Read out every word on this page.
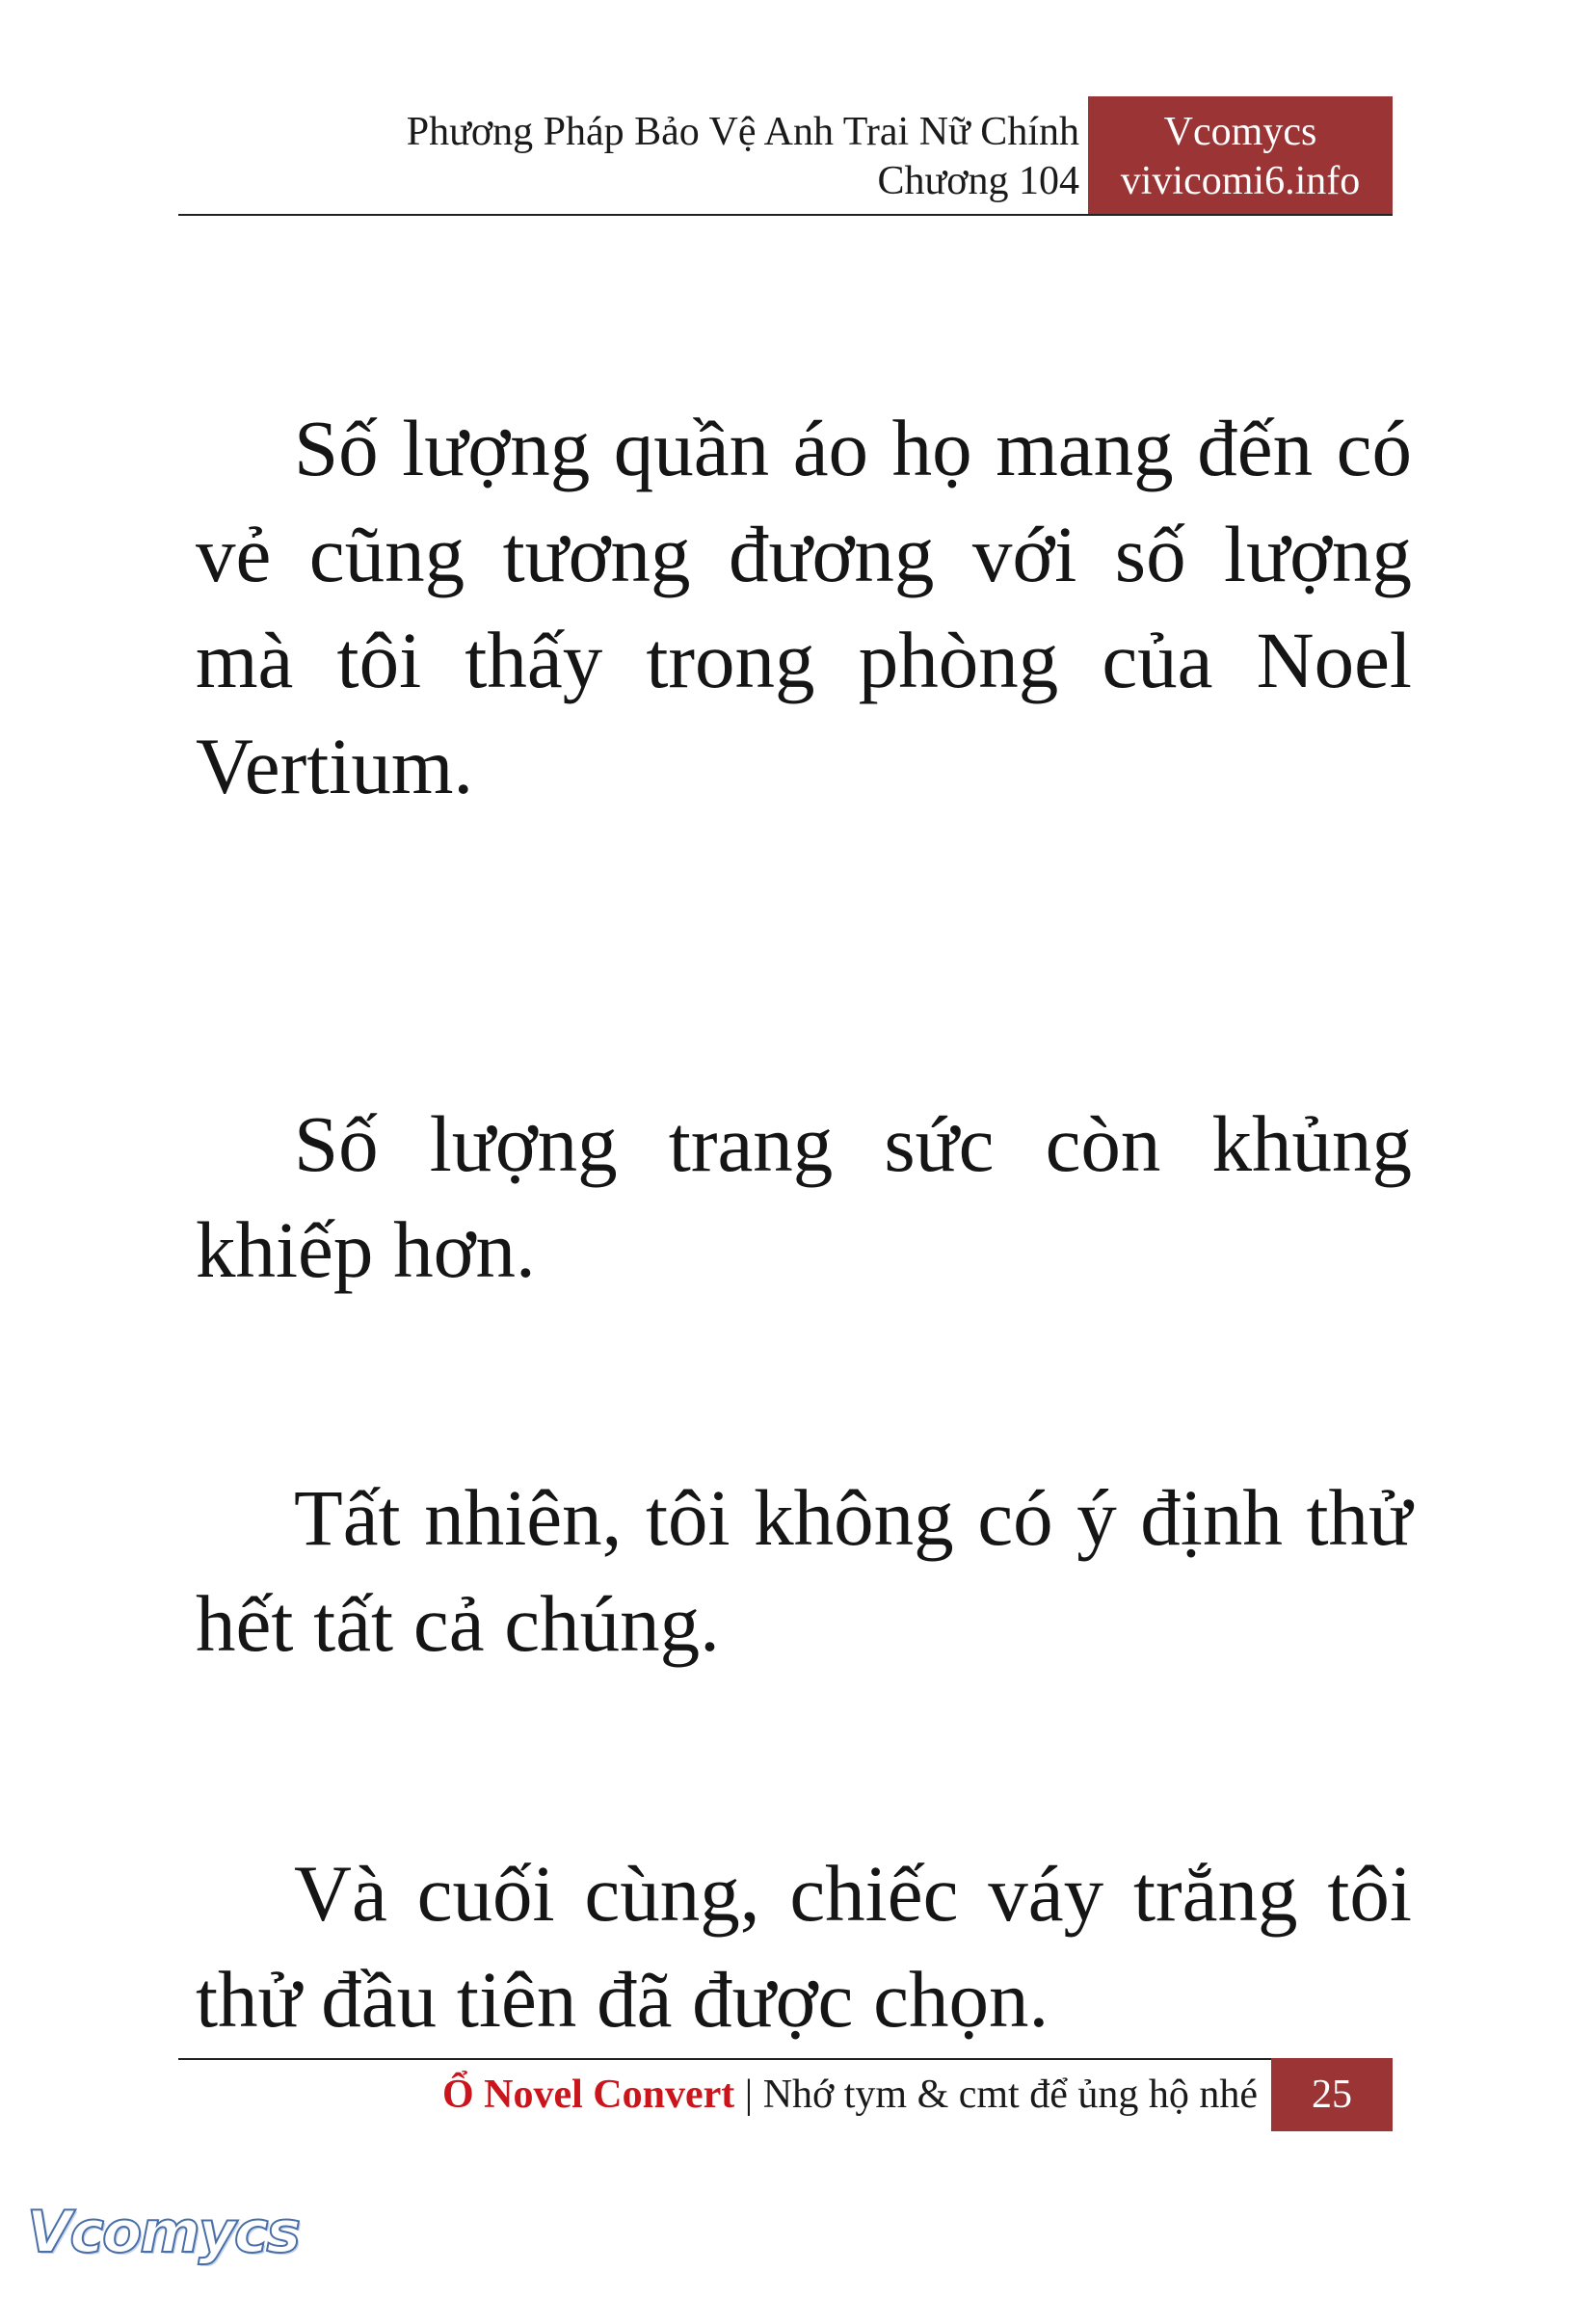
Phương Pháp Bảo Vệ Anh Trai Nữ Chính
Chương 104
Vcomycs
vivicomi6.info

Số lượng quần áo họ mang đến có vẻ cũng tương đương với số lượng mà tôi thấy trong phòng của Noel Vertium.

Số lượng trang sức còn khủng khiếp hơn.

Tất nhiên, tôi không có ý định thử hết tất cả chúng.

Và cuối cùng, chiếc váy trắng tôi thử đầu tiên đã được chọn.

Ổ Novel Convert | Nhớ tym & cmt để ủng hộ nhé	25
Vcomycs
